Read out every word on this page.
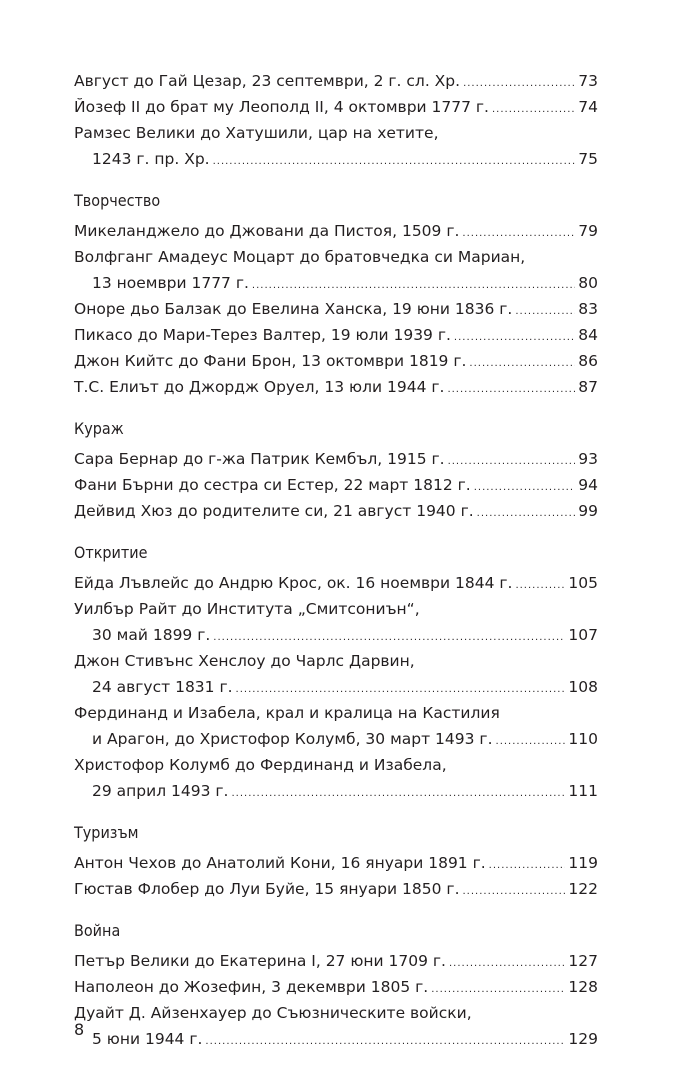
Август до Гай Цезар, 23 септември, 2 г. сл. Хр. .....	73
Йозеф II до брат му Леополд II, 4 октомври 1777 г. .....	74
Рамзес Велики до Хатушили, цар на хетите,
1243 г. пр. Хр. .....	75
Творчество
Микеланджело до Джовани да Пистоя, 1509 г. .....	79
Волфганг Амадеус Моцарт до братовчедка си Мариан,
13 ноември 1777 г. .....	80
Оноре дьо Балзак до Евелина Ханска, 19 юни 1836 г. .....	83
Пикасо до Мари-Терез Валтер, 19 юли 1939 г. .....	84
Джон Кийтс до Фани Брон, 13 октомври 1819 г. .....	86
Т.С. Елиът до Джордж Оруел, 13 юли 1944 г. .....	87
Кураж
Сара Бернар до г-жа Патрик Кембъл, 1915 г. .....	93
Фани Бърни до сестра си Естер, 22 март 1812 г. .....	94
Дейвид Хюз до родителите си, 21 август 1940 г. .....	99
Откритие
Ейда Лъвлейс до Андрю Крос, ок. 16 ноември 1844 г. .....	105
Уилбър Райт до Института „Смитсониън“,
30 май 1899 г. .....	107
Джон Стивънс Хенслоу до Чарлс Дарвин,
24 август 1831 г. .....	108
Фердинанд и Изабела, крал и кралица на Кастилия
и Арагон, до Христофор Колумб, 30 март 1493 г. .....	110
Христофор Колумб до Фердинанд и Изабела,
29 април 1493 г. .....	111
Туризъм
Антон Чехов до Анатолий Кони, 16 януари 1891 г. .....	119
Гюстав Флобер до Луи Буйе, 15 януари 1850 г. .....	122
Война
Петър Велики до Екатерина I, 27 юни 1709 г. .....	127
Наполеон до Жозефин, 3 декември 1805 г. .....	128
Дуайт Д. Айзенхауер до Съюзническите войски,
5 юни 1944 г. .....	129
8
